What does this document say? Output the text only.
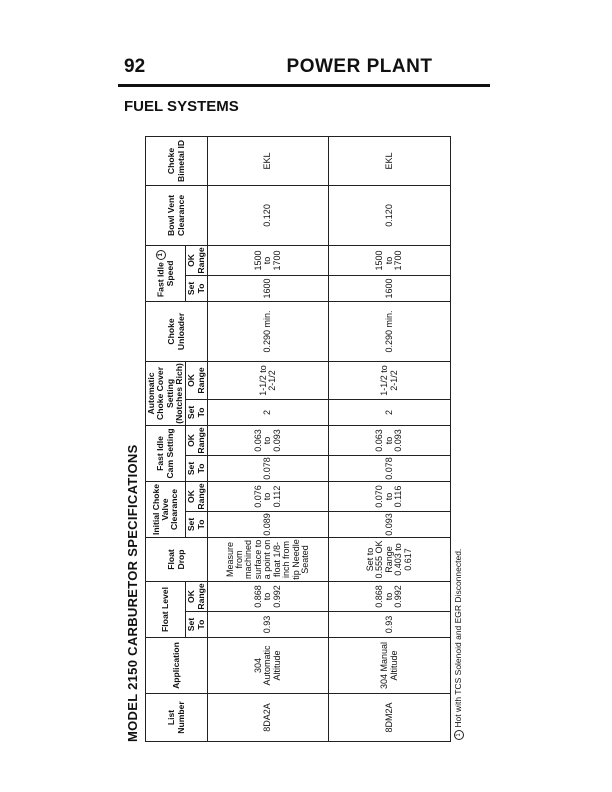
92	POWER PLANT
FUEL SYSTEMS
MODEL 2150 CARBURETOR SPECIFICATIONS	List Number	Application	Float Level		Float Drop	Initial Choke Valve Clearance		Fast Idle Cam Setting		Automatic Choke Cover Setting (Notches Rich)		Choke Unloader	Fast Idle 1 Speed		Bowl Vent Clearance	Choke Bimetal ID
		Set To	OK Range		Set To	OK Range	Set To	OK Range	Set To	OK Range		Set To	OK Range		
8DA2A	304 Automatic Altitude	0.93	0.868 to 0.992	Measure from machined surface to a point on float 1/8-inch from tip Needle Seated	0.089	0.076 to 0.112	0.078	0.063 to 0.093	2	1-1/2 to 2-1/2	0.290 min.	1600	1500 to 1700	0.120	EKL
8DM2A	304 Manual Altitude	0.93	0.868 to 0.992	Set to 0.555 OK Range 0.403 to 0.617	0.093	0.070 to 0.116	0.078	0.063 to 0.093	2	1-1/2 to 2-1/2	0.290 min.	1600	1500 to 1700	0.120	EKL
1 Hot with TCS Solenoid and EGR Disconnected.
